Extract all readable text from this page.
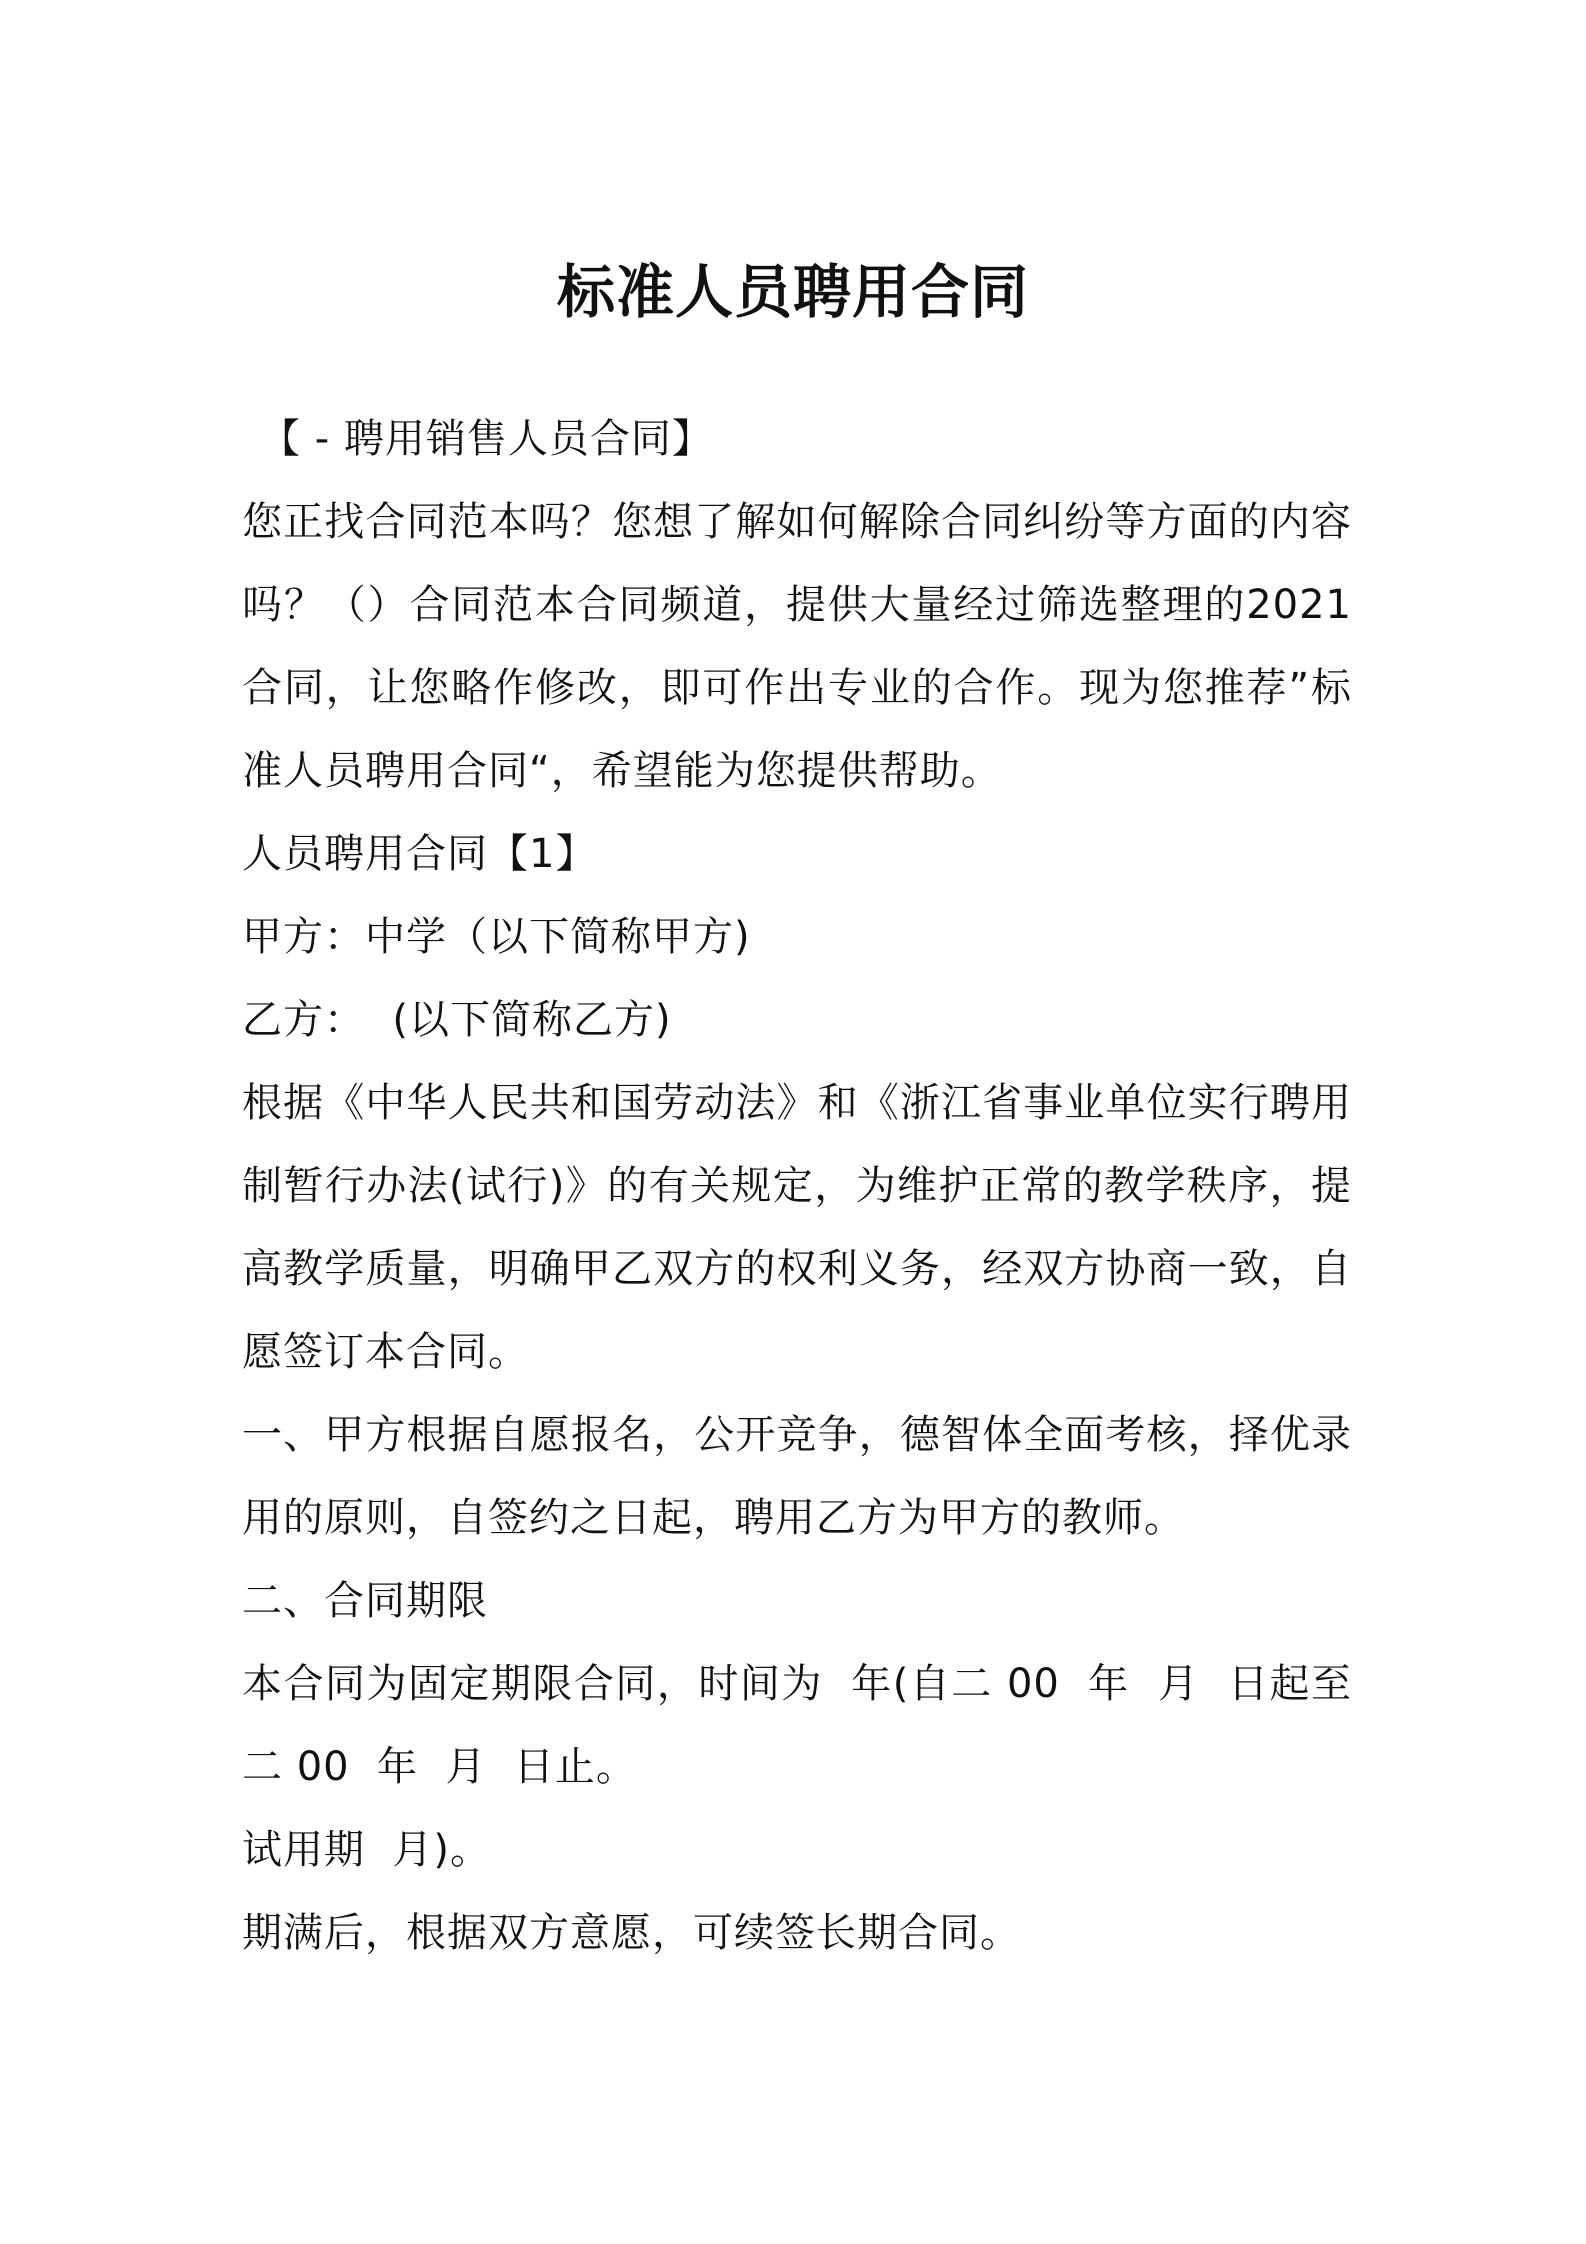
标准人员聘用合同

【 - 聘用销售人员合同】

您正找合同范本吗？您想了解如何解除合同纠纷等方面的内容吗？（）合同范本合同频道，提供大量经过筛选整理的2021 合同，让您略作修改，即可作出专业的合作。现为您推荐”标准人员聘用合同“，希望能为您提供帮助。

人员聘用合同【1】

甲方：中学（以下简称甲方)

乙方：  (以下简称乙方)

根据《中华人民共和国劳动法》和《浙江省事业单位实行聘用制暂行办法(试行)》的有关规定，为维护正常的教学秩序，提高教学质量，明确甲乙双方的权利义务，经双方协商一致，自愿签订本合同。

一、甲方根据自愿报名，公开竞争，德智体全面考核，择优录用的原则，自签约之日起，聘用乙方为甲方的教师。

二、合同期限

本合同为固定期限合同，时间为  年(自二 00  年  月  日起至二 00  年  月  日止。

试用期  月)。

期满后，根据双方意愿，可续签长期合同。
